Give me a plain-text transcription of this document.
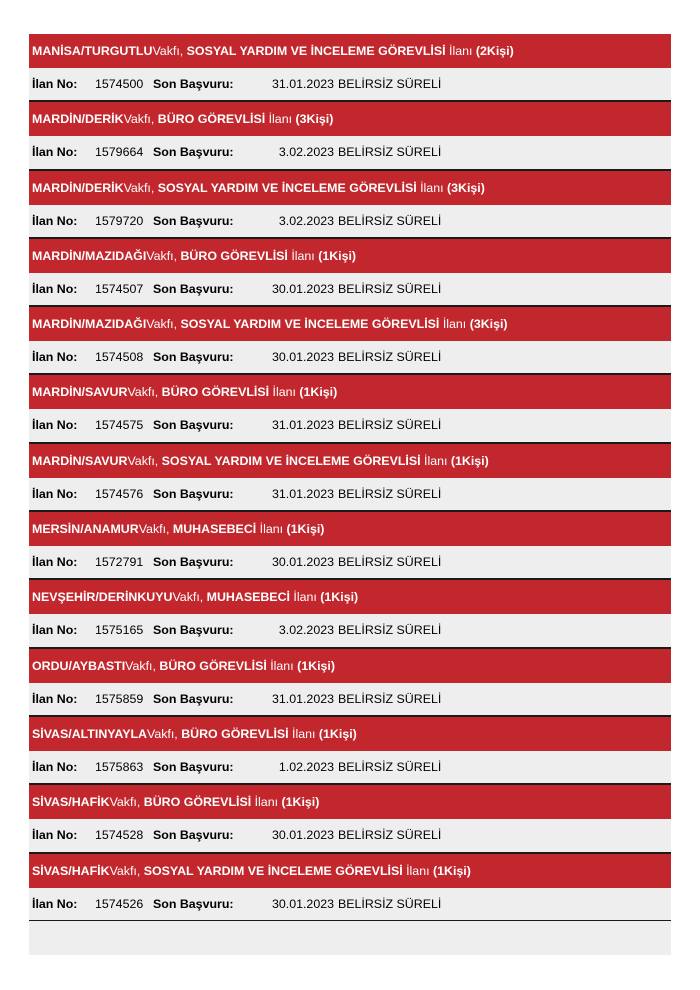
MANİSA/TURGUTLUVakfı, SOSYAL YARDIM VE İNCELEME GÖREVLİSİ İlanı (2Kişi)
İlan No: 1574500 Son Başvuru:	31.01.2023 BELİRSİZ SÜRELİ
MARDİN/DERİKVakfı, BÜRO GÖREVLİSİ İlanı (3Kişi)
İlan No: 1579664 Son Başvuru:	3.02.2023 BELİRSİZ SÜRELİ
MARDİN/DERİKVakfı, SOSYAL YARDIM VE İNCELEME GÖREVLİSİ İlanı (3Kişi)
İlan No: 1579720 Son Başvuru:	3.02.2023 BELİRSİZ SÜRELİ
MARDİN/MAZIDAĞIVakfı, BÜRO GÖREVLİSİ İlanı (1Kişi)
İlan No: 1574507 Son Başvuru:	30.01.2023 BELİRSİZ SÜRELİ
MARDİN/MAZIDAĞIVakfı, SOSYAL YARDIM VE İNCELEME GÖREVLİSİ İlanı (3Kişi)
İlan No: 1574508 Son Başvuru:	30.01.2023 BELİRSİZ SÜRELİ
MARDİN/SAVURVakfı, BÜRO GÖREVLİSİ İlanı (1Kişi)
İlan No: 1574575 Son Başvuru:	31.01.2023 BELİRSİZ SÜRELİ
MARDİN/SAVURVakfı, SOSYAL YARDIM VE İNCELEME GÖREVLİSİ İlanı (1Kişi)
İlan No: 1574576 Son Başvuru:	31.01.2023 BELİRSİZ SÜRELİ
MERSİN/ANAMURVakfı, MUHASEBECİ İlanı (1Kişi)
İlan No: 1572791 Son Başvuru:	30.01.2023 BELİRSİZ SÜRELİ
NEVŞEHİR/DERİNKUYUVakfı, MUHASEBECİ İlanı (1Kişi)
İlan No: 1575165 Son Başvuru:	3.02.2023 BELİRSİZ SÜRELİ
ORDU/AYBASTIVakfı, BÜRO GÖREVLİSİ İlanı (1Kişi)
İlan No: 1575859 Son Başvuru:	31.01.2023 BELİRSİZ SÜRELİ
SİVAS/ALTINYAYLAVakfı, BÜRO GÖREVLİSİ İlanı (1Kişi)
İlan No: 1575863 Son Başvuru:	1.02.2023 BELİRSİZ SÜRELİ
SİVAS/HAFİKVakfı, BÜRO GÖREVLİSİ İlanı (1Kişi)
İlan No: 1574528 Son Başvuru:	30.01.2023 BELİRSİZ SÜRELİ
SİVAS/HAFİKVakfı, SOSYAL YARDIM VE İNCELEME GÖREVLİSİ İlanı (1Kişi)
İlan No: 1574526 Son Başvuru:	30.01.2023 BELİRSİZ SÜRELİ
